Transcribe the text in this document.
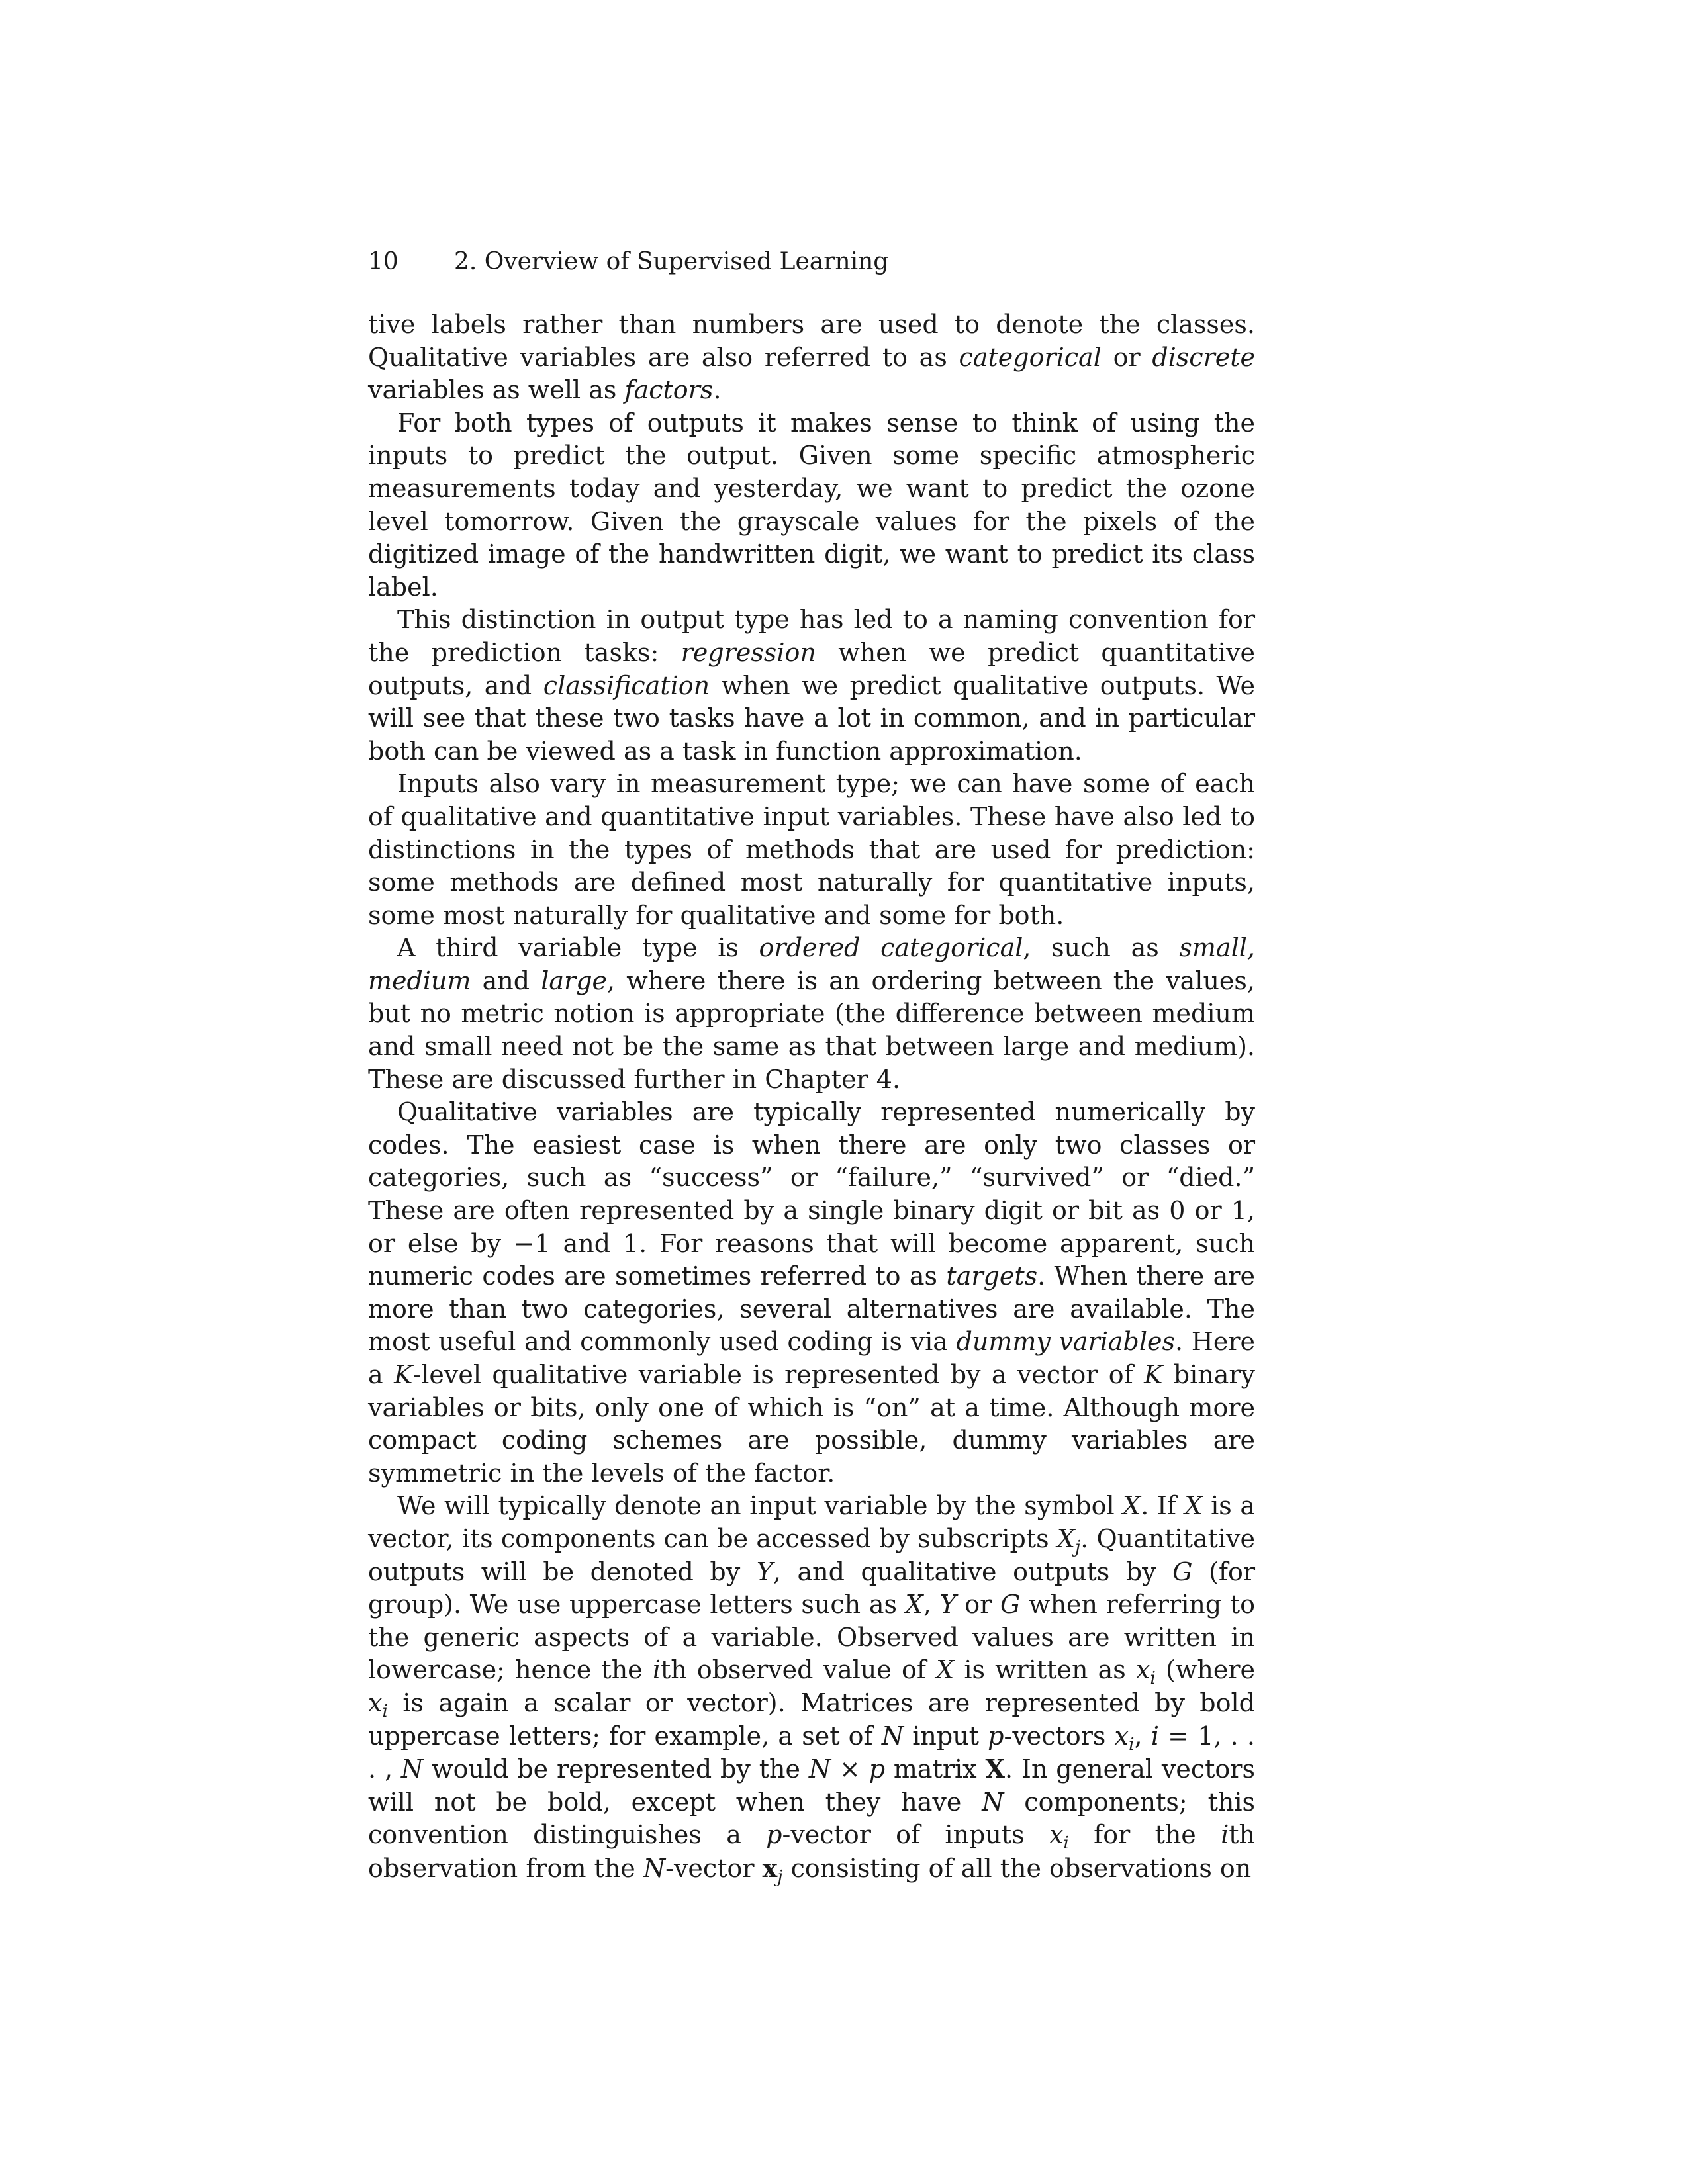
10 2. Overview of Supervised Learning

tive labels rather than numbers are used to denote the classes. Qualitative variables are also referred to as categorical or discrete variables as well as factors.

For both types of outputs it makes sense to think of using the inputs to predict the output. Given some specific atmospheric measurements today and yesterday, we want to predict the ozone level tomorrow. Given the grayscale values for the pixels of the digitized image of the handwritten digit, we want to predict its class label.

This distinction in output type has led to a naming convention for the prediction tasks: regression when we predict quantitative outputs, and classification when we predict qualitative outputs. We will see that these two tasks have a lot in common, and in particular both can be viewed as a task in function approximation.

Inputs also vary in measurement type; we can have some of each of qualitative and quantitative input variables. These have also led to distinctions in the types of methods that are used for prediction: some methods are defined most naturally for quantitative inputs, some most naturally for qualitative and some for both.

A third variable type is ordered categorical, such as small, medium and large, where there is an ordering between the values, but no metric notion is appropriate (the difference between medium and small need not be the same as that between large and medium). These are discussed further in Chapter 4.

Qualitative variables are typically represented numerically by codes. The easiest case is when there are only two classes or categories, such as “success” or “failure,” “survived” or “died.” These are often represented by a single binary digit or bit as 0 or 1, or else by −1 and 1. For reasons that will become apparent, such numeric codes are sometimes referred to as targets. When there are more than two categories, several alternatives are available. The most useful and commonly used coding is via dummy variables. Here a K-level qualitative variable is represented by a vector of K binary variables or bits, only one of which is “on” at a time. Although more compact coding schemes are possible, dummy variables are symmetric in the levels of the factor.

We will typically denote an input variable by the symbol X. If X is a vector, its components can be accessed by subscripts $X_j$. Quantitative outputs will be denoted by Y, and qualitative outputs by G (for group). We use uppercase letters such as X, Y or G when referring to the generic aspects of a variable. Observed values are written in lowercase; hence the ith observed value of X is written as $x_i$ (where $x_i$ is again a scalar or vector). Matrices are represented by bold uppercase letters; for example, a set of N input p-vectors $x_i$, i = 1, . . . , N would be represented by the N × p matrix X. In general vectors will not be bold, except when they have N components; this convention distinguishes a p-vector of inputs $x_i$ for the ith observation from the N-vector $x_j$ consisting of all the observations on
